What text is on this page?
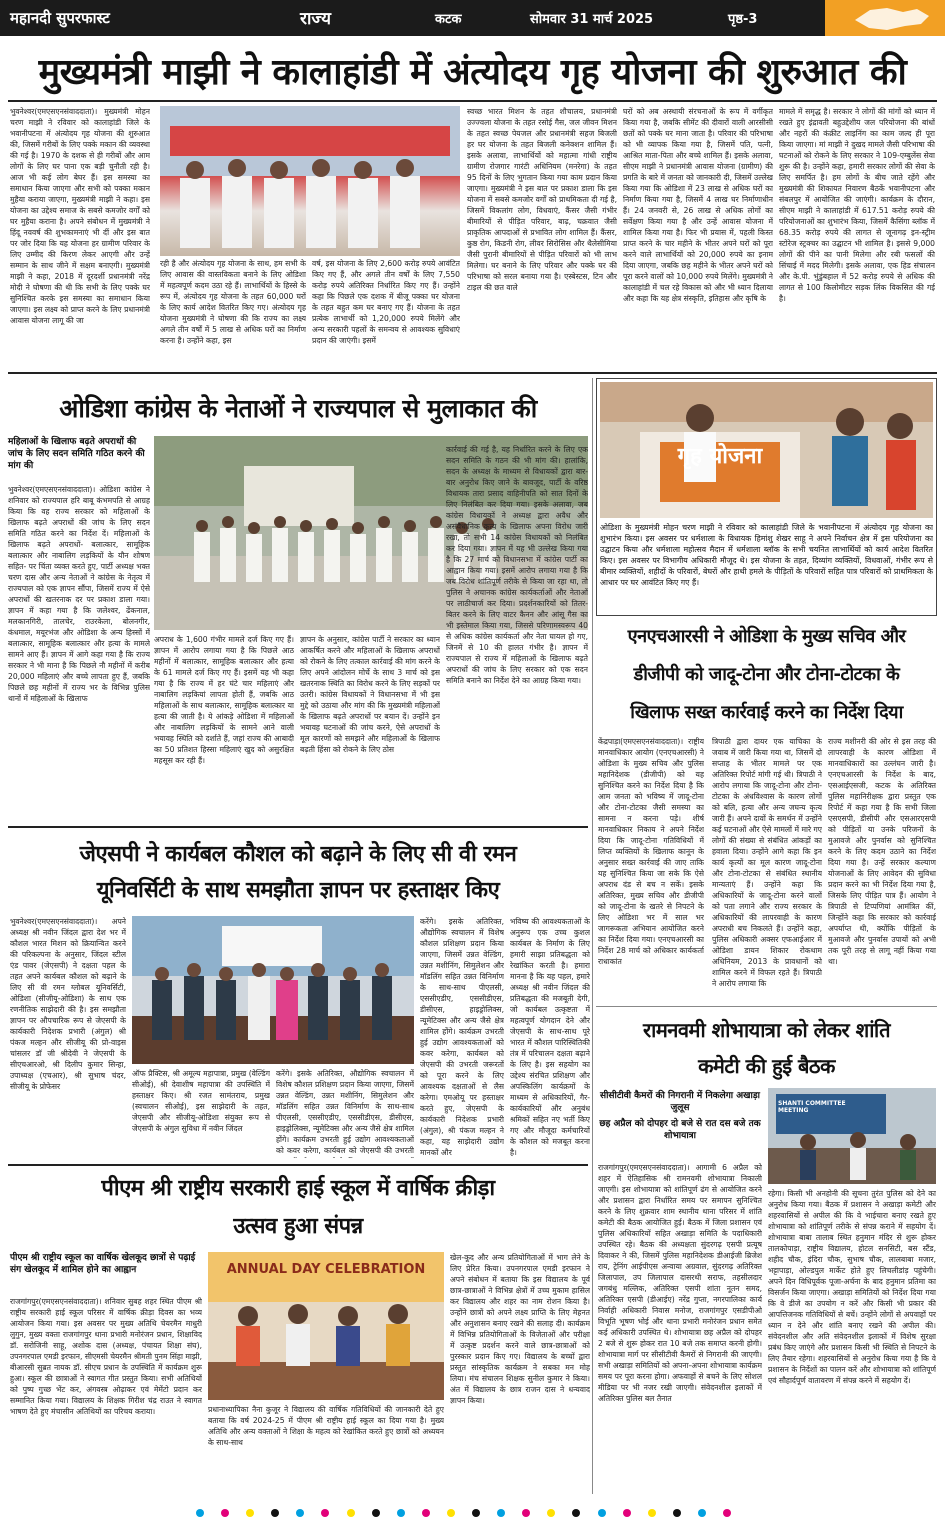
महानदी सुपरफास्ट	राज्य	कटक	सोमवार 31 मार्च 2025	पृष्ठ-3
मुख्यमंत्री माझी ने कालाहांडी में अंत्योदय गृह योजना की शुरुआत की
भुवनेश्वर(एमएसएनसंवाददाता)। मुख्यमंत्री मोहन चरण माझी ने रविवार को कालाहांडी जिले के भवानीपटना में अंत्योदय गृह योजना की शुरुआत की, जिसमें गरीबों के लिए पक्के मकान की व्यवस्था की गई है। 1970 के दशक से ही गरीबों और आम लोगों के लिए घर पाना एक बड़ी चुनौती रही है। आज भी कई लोग बेघर हैं। इस समस्या का समाधान किया जाएगा और सभी को पक्का मकान मुहैया कराया जाएगा, मुख्यमंत्री माझी ने कहा। इस योजना का उद्देश्य समाज के सबसे कमजोर वर्गों को घर मुहैया कराना है। अपने संबोधन में मुख्यमंत्री ने हिंदू नववर्ष की शुभकामनाएं भी दीं और इस बात पर जोर दिया कि यह योजना हर ग्रामीण परिवार के लिए उम्मीद की किरण लेकर आएगी और उन्हें सम्मान के साथ जीने में सक्षम बनाएगी। मुख्यमंत्री माझी ने कहा, 2018 में दूरदर्शी प्रधानमंत्री नरेंद्र मोदी ने घोषणा की थी कि सभी के लिए पक्के घर सुनिश्चित करके इस समस्या का समाधान किया जाएगा। इस लक्ष्य को प्राप्त करने के लिए प्रधानमंत्री आवास योजना लागू की जा
रही है और अंत्योदय गृह योजना के साथ, हम सभी के लिए आवास की वास्तविकता बनाने के लिए ओडिशा में महत्वपूर्ण कदम उठा रहे हैं। लाभार्थियों के हिस्से के रूप में, अंत्योदय गृह योजना के तहत 60,000 घरों के लिए कार्य आदेश वितरित किए गए। अंत्योदय गृह योजना मुख्यमंत्री ने घोषणा की कि राज्य का लक्ष्य अगले तीन वर्षों में 5 लाख से अधिक घरों का निर्माण करना है। उन्होंने कहा, इस
वर्ष, इस योजना के लिए 2,600 करोड़ रुपये आवंटित किए गए हैं, और अगले तीन वर्षों के लिए 7,550 करोड़ रुपये अतिरिक्त निर्धारित किए गए हैं। उन्होंने कहा कि पिछले एक दशक में बीजू पक्का घर योजना के तहत बहुत कम घर बनाए गए हैं। योजना के तहत प्रत्येक लाभार्थी को 1,20,000 रुपये मिलेंगे और अन्य सरकारी पहलों के समन्वय से आवश्यक सुविधाएं प्रदान की जाएंगी। इसमें
स्वच्छ भारत मिशन के तहत शौचालय, प्रधानमंत्री उज्ज्वला योजना के तहत रसोई गैस, जल जीवन मिशन के तहत स्वच्छ पेयजल और प्रधानमंत्री सहज बिजली हर घर योजना के तहत बिजली कनेक्शन शामिल हैं। इसके अलावा, लाभार्थियों को महात्मा गांधी राष्ट्रीय ग्रामीण रोजगार गारंटी अधिनियम (मनरेगा) के तहत 95 दिनों के लिए भुगतान किया गया काम प्रदान किया जाएगा। मुख्यमंत्री ने इस बात पर प्रकाश डाला कि इस योजना में सबसे कमजोर वर्गों को प्राथमिकता दी गई है, जिसमें विकलांग लोग, विधवाएं, कैंसर जैसी गंभीर बीमारियों से पीड़ित परिवार, बाढ़, चक्रवात जैसी प्राकृतिक आपदाओं से प्रभावित लोग शामिल हैं। कैंसर, कुष्ठ रोग, किडनी रोग, लीवर सिरोसिस और थैलेसीमिया जैसी पुरानी बीमारियों से पीड़ित परिवारों को भी लाभ मिलेगा। घर बनाने के लिए परिवार और पक्के घर की परिभाषा को सरल बनाया गया है। एस्बेस्टस, टिन और टाइल की छत वाले
घरों को अब अस्थायी संरचनाओं के रूप में वर्गीकृत किया गया है, जबकि सीमेंट की दीवारों वाली आरसीसी छतों को पक्के घर माना जाता है। परिवार की परिभाषा को भी व्यापक किया गया है, जिसमें पति, पत्नी, आश्रित माता-पिता और बच्चे शामिल हैं। इसके अलावा, सीएम माझी ने प्रधानमंत्री आवास योजना (ग्रामीण) की प्रगति के बारे में जनता को जानकारी दी, जिसमें उल्लेख किया गया कि ओडिशा में 23 लाख से अधिक घरों का निर्माण किया गया है, जिसमें 4 लाख घर निर्माणाधीन हैं। 24 जनवरी से, 26 लाख से अधिक लोगों का सर्वेक्षण किया गया है और उन्हें आवास योजना में शामिल किया गया है। फिर भी प्रयास में, पहली किस्त प्राप्त करने के चार महीने के भीतर अपने घरों को पूरा करने वाले लाभार्थियों को 20,000 रुपये का इनाम दिया जाएगा, जबकि छह महीने के भीतर अपने घरों को पूरा करने वालों को 10,000 रुपये मिलेंगे। मुख्यमंत्री ने कालाहांडी में चल रहे विकास को और भी ध्यान दिलाया और कहा कि यह क्षेत्र संस्कृति, इतिहास और कृषि के
मामले में समृद्ध है। सरकार ने लोगों की मांगों को ध्यान में रखते हुए इंद्रावती बहुउद्देशीय जल परियोजना की बांधों और नहरों की कंक्रीट लाइनिंग का काम जल्द ही पूरा किया जाएगा। मां माझी ने दुखद मामले जैसी परिभाषा की घटनाओं को रोकने के लिए सरकार ने 109-एम्बुलेंस सेवा शुरू की है। उन्होंने कहा, हमारी सरकार लोगों की सेवा के लिए समर्पित है। हम लोगों के बीच जाते रहेंगे और मुख्यमंत्री की शिकायत निवारण बैठकें भवानीपटना और संबलपुर में आयोजित की जाएंगी। कार्यक्रम के दौरान, सीएम माझी ने कालाहांडी में 617.51 करोड़ रुपये की परियोजनाओं का शुभारंभ किया, जिसमें कैसिंगा ब्लॉक में 68.35 करोड़ रुपये की लागत से जूनागढ़ इन-स्ट्रीम स्टोरेज स्ट्रक्चर का उद्घाटन भी शामिल है। इससे 9,000 लोगों की पीने का पानी मिलेगा और रबी फसलों की सिंचाई में मदद मिलेगी। इसके अलावा, एक हिड संचालन और के.पी. भुंडुंबहाल में 52 करोड़ रुपये से अधिक की लागत से 100 किलोमीटर सड़क लिंक विकसित की गई है।
ओडिशा कांग्रेस के नेताओं ने राज्यपाल से मुलाकात की
महिलाओं के खिलाफ बढ़ते अपराधों की जांच के लिए सदन समिति गठित करने की मांग की
भुवनेश्वर(एमएसएनसंवाददाता)। ओडिशा कांग्रेस ने शनिवार को राज्यपाल हरि बाबू कंभमपति से आग्रह किया कि वह राज्य सरकार को महिलाओं के खिलाफ बढ़ते अपराधों की जांच के लिए सदन समिति गठित करने का निर्देश दें। महिलाओं के खिलाफ बढ़ते अपराधों- बलात्कार, सामूहिक बलात्कार और नाबालिग लड़कियों के यौन शोषण सहित- पर चिंता व्यक्त करते हुए, पार्टी अध्यक्ष भक्त चरण दास और अन्य नेताओं ने कांग्रेस के नेतृत्व में राज्यपाल को एक ज्ञापन सौंपा, जिसमें राज्य में ऐसे अपराधों की खतरनाक दर पर प्रकाश डाला गया। ज्ञापन में कहा गया है कि जलेश्वर, ढेंकनाल, मलकानगिरी, तालचेर, राउरकेला, बोलनगीर, कंधमाल, मयूरभंज और ओडिशा के अन्य हिस्सों में बलात्कार, सामूहिक बलात्कार और हत्या के मामले सामने आए हैं। ज्ञापन में आगे कहा गया है कि राज्य सरकार ने भी माना है कि पिछले नौ महीनों में करीब 20,000 महिलाएं और बच्चे लापता हुए हैं, जबकि पिछले छह महीनों में राज्य भर के विभिन्न पुलिस थानों में महिलाओं के खिलाफ
अपराध के 1,600 गंभीर मामले दर्ज किए गए हैं। ज्ञापन में आरोप लगाया गया है कि पिछले आठ महीनों में बलात्कार, सामूहिक बलात्कार और हत्या के 61 मामले दर्ज किए गए हैं। इसमें यह भी कहा गया है कि राज्य में हर घंटे चार महिलाएं और नाबालिग लड़कियां लापता होती हैं, जबकि आठ महिलाओं के साथ बलात्कार, सामूहिक बलात्कार या हत्या की जाती है। ये आंकड़े ओडिशा में महिलाओं और नाबालिग लड़कियों के सामने आने वाली भयावह स्थिति को दर्शाते हैं, जहां राज्य की आबादी का 50 प्रतिशत हिस्सा महिलाएं खुद को असुरक्षित महसूस कर रही हैं।
ज्ञापन के अनुसार, कांग्रेस पार्टी ने सरकार का ध्यान आकर्षित करने और महिलाओं के खिलाफ अपराधों को रोकने के लिए तत्काल कार्रवाई की मांग करने के लिए अपने आंदोलन मोर्चे के साथ 3 मार्च को इस खतरनाक स्थिति का विरोध करने के लिए सड़कों पर उतरी। कांग्रेस विधायकों ने विधानसभा में भी इस मुद्दे को उठाया और मांग की कि मुख्यमंत्री महिलाओं के खिलाफ बढ़ते अपराधों पर बयान दें। उन्होंने इन भयावह घटनाओं की जांच करने, ऐसे अपराधों के मूल कारणों को समझने और महिलाओं के खिलाफ बढ़ती हिंसा को रोकने के लिए ठोस
कार्रवाई की गई है, यह निर्धारित करने के लिए एक सदन समिति के गठन की भी मांग की। हालांकि, सदन के अध्यक्ष के माध्यम से विधायकों द्वारा बार-बार अनुरोध किए जाने के बावजूद, पार्टी के वरिष्ठ विधायक तारा प्रसाद वाहिनीपति को सात दिनों के लिए निलंबित कर दिया गया। इसके अलावा, जब कांग्रेस विधायकों ने अध्यक्ष द्वारा अवैध और असंवैधानिक कृत्य के खिलाफ अपना विरोध जारी रखा, तो सभी 14 कांग्रेस विधायकों को निलंबित कर दिया गया। ज्ञापन में यह भी उल्लेख किया गया है कि 27 मार्च को विधानसभा में कांग्रेस पार्टी का आह्वान किया गया। इसमें आरोप लगाया गया है कि जब विरोध शांतिपूर्ण तरीके से किया जा रहा था, तो पुलिस ने अचानक कांग्रेस कार्यकर्ताओं और नेताओं पर लाठीचार्ज कर दिया। प्रदर्शनकारियों को तितर-बितर करने के लिए वाटर कैनन और आंसू गैस का भी इस्तेमाल किया गया, जिससे परिणामस्वरूप 40 से अधिक कांग्रेस कार्यकर्ता और नेता घायल हो गए, जिनमें से 10 की हालत गंभीर है। ज्ञापन में राज्यपाल से राज्य में महिलाओं के खिलाफ बढ़ते अपराधों की जांच के लिए सरकार को एक सदन समिति बनाने का निर्देश देने का आग्रह किया गया।
गृह योजना
ओडिशा के मुख्यमंत्री मोहन चरण माझी ने रविवार को कालाहांडी जिले के भवानीपटना में अंत्योदय गृह योजना का शुभारंभ किया। इस अवसर पर धर्मशाला के विधायक हिमांशु शेखर साहू ने अपने निर्वाचन क्षेत्र में इस परियोजना का उद्घाटन किया और धर्मशाला महोत्सव मैदान में धर्मशाला ब्लॉक के सभी चयनित लाभार्थियों को कार्य आदेश वितरित किए। इस अवसर पर विभागीय अधिकारी मौजूद थे। इस योजना के तहत, दिव्यांग व्यक्तियों, विधवाओं, गंभीर रूप से बीमार व्यक्तियों, शहीदों के परिवारों, बेघरों और हाथी हमले के पीड़ितों के परिवारों सहित पात्र परिवारों को प्राथमिकता के आधार पर घर आवंटित किए गए हैं।
एनएचआरसी ने ओडिशा के मुख्य सचिव और
डीजीपी को जादू-टोना और टोना-टोटका के
खिलाफ सख्त कार्रवाई करने का निर्देश दिया
केंद्रपाड़ा(एमएसएनसंवाददाता)। राष्ट्रीय मानवाधिकार आयोग (एनएचआरसी) ने ओडिशा के मुख्य सचिव और पुलिस महानिदेशक (डीजीपी) को यह सुनिश्चित करने का निर्देश दिया है कि आम जनता को भविष्य में जादू-टोना और टोना-टोटका जैसी समस्या का सामना न करना पड़े। शीर्ष मानवाधिकार निकाय ने अपने निर्देश दिया कि जादू-टोना गतिविधियों में लिप्त व्यक्तियों के खिलाफ कानून के अनुसार सख्त कार्रवाई की जाए ताकि यह सुनिश्चित किया जा सके कि ऐसे अपराध दंड से बच न सकें। इसके अतिरिक्त, मुख्य सचिव और डीजीपी को जादू-टोना के खतरे से निपटने के लिए ओडिशा भर में साल भर जागरूकता अभियान आयोजित करने का निर्देश दिया गया। एनएचआरसी का निर्देश 28 मार्च को अधिकार कार्यकर्ता राधाकांत
त्रिपाठी द्वारा दायर एक याचिका के जवाब में जारी किया गया था, जिसमें दो सप्ताह के भीतर मामले पर एक अतिरिक्त रिपोर्ट मांगी गई थी। त्रिपाठी ने आरोप लगाया कि जादू-टोना और टोना-टोटका के अंधविश्वास के कारण लोगों को बलि, हत्या और अन्य जघन्य कृत्य जारी हैं। अपने दावों के समर्थन में उन्होंने कई घटनाओं और ऐसे मामलों में मारे गए लोगों की संख्या से संबंधित आंकड़ों का हवाला दिया। उन्होंने आगे कहा कि इन कार्य कृत्यों का मूल कारण जादू-टोना और टोना-टोटका से संबंधित स्थानीय मान्यताएं हैं। उन्होंने कहा कि अधिकारियों के जादू-टोना करने वालों को पता लगाने और राज्य सरकार के अधिकारियों की लापरवाही के कारण अपराधी बच निकलते हैं। उन्होंने कहा, पुलिस अधिकारी अक्सर एफआईआर में ओडिशा डायन शिकार रोकथाम अधिनियम, 2013 के प्रावधानों को शामिल करने में विफल रहते हैं। त्रिपाठी ने आरोप लगाया कि
राज्य मशीनरी की ओर से इस तरह की लापरवाही के कारण ओडिशा में मानवाधिकारों का उल्लंघन जारी है। एनएचआरसी के निर्देश के बाद, एसआईएसजी, कटक के अतिरिक्त पुलिस महानिरीक्षक द्वारा प्रस्तुत एक रिपोर्ट में कहा गया है कि सभी जिला एसएसपी, डीसीपी और एसआरएसपी को पीड़ितों या उनके परिजनों के मुआवजे और पुनर्वास को सुनिश्चित करने के लिए कदम उठाने का निर्देश दिया गया है। उन्हें सरकार कल्याण योजनाओं के लिए आवेदन की सुविधा प्रदान करने का भी निर्देश दिया गया है, जिसके लिए पीड़ित पात्र हैं। आयोग ने त्रिपाठी से टिप्पणियां आमंत्रित कीं, जिन्होंने कहा कि सरकार को कार्रवाई अपर्याप्त थी, क्योंकि पीड़ितों के मुआवजे और पुनर्वास उपायों को अभी तक पूरी तरह से लागू नहीं किया गया था।
जेएसपी ने कार्यबल कौशल को बढ़ाने के लिए सी वी रमन
यूनिवर्सिटी के साथ समझौता ज्ञापन पर हस्ताक्षर किए
भुवनेश्वर(एमएसएनसंवाददाता)। अपने अध्यक्ष श्री नवीन जिंदल द्वारा देश भर में कौशल भारत मिशन को क्रियान्वित करने की परिकल्पना के अनुसार, जिंदल स्टील एंड पावर (जेएसपी) ने दक्षता पहल के तहत अपने कार्यबल कौशल को बढ़ाने के लिए सी वी रमन ग्लोबल यूनिवर्सिटी, ओडिशा (सीजीयू-ओडिशा) के साथ एक रणनीतिक साझेदारी की है। इस समझौता ज्ञापन पर औपचारिक रूप से जेएसपी के कार्यकारी निदेशक प्रभारी (अंगुल) श्री पंकज मल्हन और सीजीयू की प्रो-वाइस चांसलर डॉ जी श्रीदेवी ने जेएसपी के सीएचआरओ, श्री दिलीप कुमार सिन्हा, उपाध्यक्ष (एचआर), श्री सुभाष चंदर, सीजीयू के प्रोफेसर
ऑफ प्रैक्टिस, श्री अमूल्य महापात्रा, प्रमुख (वेल्डिंग सीओई), श्री देवाशीष महापात्रा की उपस्थिति में हस्ताक्षर किए। श्री रजत सामंतराय, प्रमुख (स्वचालन सीओई), इस साझेदारी के तहत, जेएसपी और सीजीयू-ओडिशा संयुक्त रूप से जेएसपी के अंगुल सुविधा में नवीन जिंदल
करेंगे। इसके अतिरिक्त, औद्योगिक स्वचालन में विशेष कौशल प्रशिक्षण प्रदान किया जाएगा, जिसमें उन्नत वेल्डिंग, उन्नत मशीनिंग, सिमुलेशन और मॉडलिंग सहित उन्नत विनिर्माण के साथ-साथ पीएलसी, एससीएडीए, एससीडीएस, डीसीएस, हाइड्रोलिक्स, न्यूमेटिक्स और अन्य जैसे क्षेत्र शामिल होंगे। कार्यक्रम उभरती हुई उद्योग आवश्यकताओं को कवर करेगा, कार्यबल को जेएसपी की उभरती
करेंगे। इसके अतिरिक्त, औद्योगिक स्वचालन में विशेष कौशल प्रशिक्षण प्रदान किया जाएगा, जिसमें उन्नत वेल्डिंग, उन्नत मशीनिंग, सिमुलेशन और मॉडलिंग सहित उन्नत विनिर्माण के साथ-साथ पीएलसी, एससीएडीए, एससीडीएस, डीसीएस, हाइड्रोलिक्स, न्यूमेटिक्स और अन्य जैसे क्षेत्र शामिल होंगे। कार्यक्रम उभरती हुई उद्योग आवश्यकताओं को कवर करेगा, कार्यबल को जेएसपी की उभरती जरूरतों को पूरा करने के लिए आवश्यक दक्षताओं से लैस करेगा। एमओयू पर हस्ताक्षर करते हुए, जेएसपी के कार्यकारी निदेशक प्रभारी (अंगुल), श्री पंकज मल्हन ने कहा, यह साझेदारी उद्योग मानकों और
भविष्य की आवश्यकताओं के अनुरूप एक उच्च कुशल कार्यबल के निर्माण के लिए हमारी साझा प्रतिबद्धता को रेखांकित करती है। हमारा मानना ​​है कि यह पहल, हमारे अध्यक्ष श्री नवीन जिंदल की प्रतिबद्धता की मजबूती देगी, जो कार्यबल उत्कृष्टता में महत्वपूर्ण योगदान देने और जेएसपी के साथ-साथ पूरे भारत में कौशल पारिस्थितिकी तंत्र में परिचालन दक्षता बढ़ाने के लिए है। इस सहयोग का उद्देश्य संरचित प्रशिक्षण और अपस्किलिंग कार्यक्रमों के माध्यम से अधिकारियों, गैर-कार्यकारियों और अनुबंध श्रमिकों सहित नए भर्ती किए गए और मौजूदा कर्मचारियों के कौशल को मजबूत करना है।
रामनवमी शोभायात्रा को लेकर शांति
कमेटी की हुई बैठक
सीसीटीवी कैमरों की निगरानी में निकलेगा अखाड़ा जुलूस
छह अप्रैल को दोपहर दो बजे से रात दस बजे तक शोभायात्रा
SHANTI COMMITTEE MEETING
राजगांगपुर(एमएसएनसंवाददाता)। आगामी 6 अप्रैल को शहर में ऐतिहासिक श्री रामनवमी शोभायात्रा निकाली जाएगी। इस शोभायात्रा को शांतिपूर्ण ढंग से आयोजित करने और प्रशासन द्वारा निर्धारित समय पर समापन सुनिश्चित करने के लिए शुक्रवार शाम स्थानीय थाना परिसर में शांति कमेटी की बैठक आयोजित हुई। बैठक में जिला प्रशासन एवं पुलिस अधिकारियों सहित अखाड़ा समिति के पदाधिकारी उपस्थित रहे। बैठक की अध्यक्षता सुंदरगढ़ एसपी प्रत्यूष दिवाकर ने की, जिसमें पुलिस महानिदेशक डीआईजी ब्रिजेश राय, ट्रेनिंग आईपीएस अन्वाया अग्रवाल, सुंदरगढ़ अतिरिक्त जिलापाल, उप जिलापाल दासरथी सराफ, तहसीलदार जगबंधु मल्लिक, अतिरिक्त एसपी शांता नूतन समद, अतिरिक्त एसपी (डीआईए) नरेंद्र गुप्ता, नगरपालिका कार्य निर्वाही अधिकारी निवास मनोज, राजगांगपुर एसडीपीओ विभूति भूषण भोई और थाना प्रभारी मनोरंजन प्रधान समेत कई अधिकारी उपस्थित थे। शोभायात्रा छह अप्रैल को दोपहर 2 बजे से शुरू होकर रात 10 बजे तक समाप्त करनी होगी। शोभायात्रा मार्ग पर सीसीटीवी कैमरों से निगरानी की जाएगी। सभी अखाड़ा समितियों को अपना-अपना शोभायात्रा कार्यक्रम समय पर पूरा करना होगा। अफवाहों से बचने के लिए सोशल मीडिया पर भी नजर रखी जाएगी। संवेदनशील इलाकों में अतिरिक्त पुलिस बल तैनात
रहेगा। किसी भी अनहोनी की सूचना तुरंत पुलिस को देने का अनुरोध किया गया। बैठक में प्रशासन ने अखाड़ा कमेटी और शहरवासियों से अपील की कि वे भाईचारा बनाए रखते हुए शोभायात्रा को शांतिपूर्ण तरीके से संपन्न कराने में सहयोग दें। शोभायात्रा बाबा तालाब स्थित हनुमान मंदिर से शुरू होकर तालकोपाड़ा, राष्ट्रीय विद्यालय, होटल सनसिटी, बस स्टैंड, शहीद चौक, इंदिरा चौक, सुभाष चौक, लालबाबा मजार, भट्टापाड़ा, ओल्डपुल मार्केट होते हुए लिचलीडांड़ पहुंचेगी। अपने दिन विधिपूर्वक पूजा-अर्चना के बाद हनुमान प्रतिमा का विसर्जन किया जाएगा। अखाड़ा समितियों को निर्देश दिया गया कि वे डीजे का उपयोग न करें और किसी भी प्रकार की आपत्तिजनक गतिविधियों से बचें। उन्होंने लोगों से अपवाहों पर ध्यान न देने और शांति बनाए रखने की अपील की। संवेदनशील और अति संवेदनशील इलाकों में विशेष सुरक्षा प्रबंध किए जाएंगे और प्रशासन किसी भी स्थिति से निपटने के लिए तैयार रहेगा। शहरवासियों से अनुरोध किया गया है कि वे प्रशासन के निर्देशों का पालन करें और शोभायात्रा को शांतिपूर्ण एवं सौहार्दपूर्ण वातावरण में संपन्न करने में सहयोग दें।
पीएम श्री राष्ट्रीय सरकारी हाई स्कूल में वार्षिक क्रीड़ा
उत्सव हुआ संपन्न
पीएम श्री राष्ट्रीय स्कूल का वार्षिक खेलकूद छात्रों से पढ़ाई संग खेलकूद में शामिल होने का आह्वान
राजगांगपुर(एमएसएनसंवाददाता)। शनिवार सुबह शहर स्थित पीएम श्री राष्ट्रीय सरकारी हाई स्कूल परिसर में वार्षिक क्रीड़ा दिवस का भव्य आयोजन किया गया। इस अवसर पर मुख्य अतिथि चेयरमैन माधुरी लुगुन, मुख्य वक्ता राजगांगपुर थाना प्रभारी मनोरंजन प्रधान, शिक्षाविद डॉ. सरोजिनी साहू, अशोक दास (अध्यक्ष, पंचायत शिक्षा संघ), उपनगरपाल एमडी इरफान, सीएमसी चेयरमैन श्रीमती पुनम सिंहा माझी, बीआरसी सुब्रत नायक डॉ. सीएच प्रधान के उपस्थिति में कार्यक्रम शुरू हुआ। स्कूल की छात्राओं ने स्वागत गीत प्रस्तुत किया। सभी अतिथियों को पुष्प गुच्छ भेंट कर, अंगवस्त्र ओढ़ाकर एवं मेमेंटो प्रदान कर सम्मानित किया गया। विद्यालय के शिक्षक गिरीश चंद्र राउत ने स्वागत भाषण देते हुए मंचासीन अतिथियों का परिचय कराया।
ANNUAL DAY CELEBRATION
प्रधानाध्यापिका नैना कुजूर ने विद्यालय की वार्षिक गतिविधियों की जानकारी देते हुए बताया कि वर्ष 2024-25 में पीएम श्री राष्ट्रीय हाई स्कूल का दिया गया है। मुख्य अतिथि और अन्य वक्ताओं ने शिक्षा के महत्व को रेखांकित करते हुए छात्रों को अध्ययन के साथ-साथ
खेल-कूद और अन्य प्रतियोगिताओं में भाग लेने के लिए प्रेरित किया। उपनगरपाल एमडी इरफान ने अपने संबोधन में बताया कि इस विद्यालय के पूर्व छात्र-छात्राओं ने विभिन्न क्षेत्रों में उच्च मुकाम हासिल कर विद्यालय और शहर का नाम रोशन किया है। उन्होंने छात्रों को अपने लक्ष्य प्राप्ति के लिए मेहनत और अनुशासन बनाए रखने की सलाह दी। कार्यक्रम में विभिन्न प्रतियोगिताओं के विजेताओं और परीक्षा में उत्कृष्ट प्रदर्शन करने वाले छात्र-छात्राओं को पुरस्कार प्रदान किए गए। विद्यालय के बच्चों द्वारा प्रस्तुत सांस्कृतिक कार्यक्रम ने सबका मन मोह लिया। मंच संचालन शिक्षक सुनील कुमार ने किया। अंत में विद्यालय के छात्र राजन दास ने धन्यवाद ज्ञापन किया।
